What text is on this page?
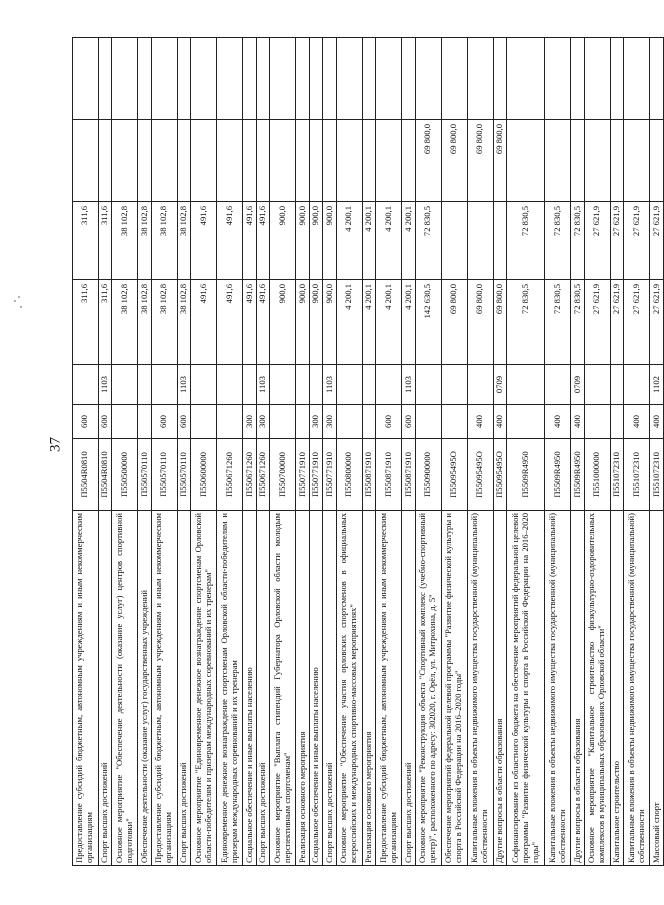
37
Предоставление субсидий бюджетным, автономным учреждениям и иным некоммерческим организациям	П5504R0810	600		311,6	311,6		
Спорт высших достижений	П5504R0810	600	1103	311,6	311,6		
Основное мероприятие "Обеспечение деятельности (оказание услуг) центров спортивной подготовки"	П550500000			38 102,8	38 102,8		
Обеспечение деятельности (оказание услуг) государственных учреждений	П550570110			38 102,8	38 102,8		
Предоставление субсидий бюджетным, автономным учреждениям и иным некоммерческим организациям	П550570110	600		38 102,8	38 102,8		
Спорт высших достижений	П550570110	600	1103	38 102,8	38 102,8		
Основное мероприятие "Единовременное денежное вознаграждение спортсменам Орловской области-победителям и призерам международных соревнований и их тренерам"	П550600000			491,6	491,6		
Единовременное денежное вознаграждение спортсменам Орловской области-победителям и призерам международных соревнований и их тренерам	П550671260			491,6	491,6		
Социальное обеспечение и иные выплаты населению	П550671260	300		491,6	491,6		
Спорт высших достижений	П550671260	300	1103	491,6	491,6		
Основное мероприятие "Выплата стипендий Губернатора Орловской области молодым перспективным спортсменам"	П550700000			900,0	900,0		
Реализация основного мероприятия	П550771910			900,0	900,0		
Социальное обеспечение и иные выплаты населению	П550771910	300		900,0	900,0		
Спорт высших достижений	П550771910	300	1103	900,0	900,0		
Основное мероприятие "Обеспечение участия орловских спортсменов в официальных всероссийских и международных спортивно-массовых мероприятиях"	П550800000			4 200,1	4 200,1		
Реализация основного мероприятия	П550871910			4 200,1	4 200,1		
Предоставление субсидий бюджетным, автономным учреждениям и иным некоммерческим организациям	П550871910	600		4 200,1	4 200,1		
Спорт высших достижений	П550871910	600	1103	4 200,1	4 200,1		
Основное мероприятие "Реконструкция объекта "Спортивный комплекс (учебно-спортивный центр)", расположенного по адресу: 302020, г. Орёл, ул. Митрохина, д. 5"	П550900000			142 630,5	72 830,5	69 800,0	
Обеспечение мероприятий федеральной целевой программы "Развитие физической культуры и спорта в Российской Федерации на 2016–2020 годы"	П55095495О			69 800,0		69 800,0	
Капитальные вложения в объекты недвижимого имущества государственной (муниципальной) собственности	П55095495О	400		69 800,0		69 800,0	
Другие вопросы в области образования	П55095495О	400	0709	69 800,0		69 800,0	
Софинансирование из областного бюджета на обеспечение мероприятий федеральной целевой программы "Развитие физической культуры и спорта в Российской Федерации на 2016–2020 годы"	П5509R4950			72 830,5	72 830,5		
Капитальные вложения в объекты недвижимого имущества государственной (муниципальной) собственности	П5509R4950	400		72 830,5	72 830,5		
Другие вопросы в области образования	П5509R4950	400	0709	72 830,5	72 830,5		
Основное мероприятие "Капитальное строительство физкультурно-оздоровительных комплексов в муниципальных образованиях Орловской области"	П551000000			27 621,9	27 621,9		
Капитальное строительство	П551072310			27 621,9	27 621,9		
Капитальные вложения в объекты недвижимого имущества государственной (муниципальной) собственности	П551072310	400		27 621,9	27 621,9		
Массовый спорт	П551072310	400	1102	27 621,9	27 621,9		
